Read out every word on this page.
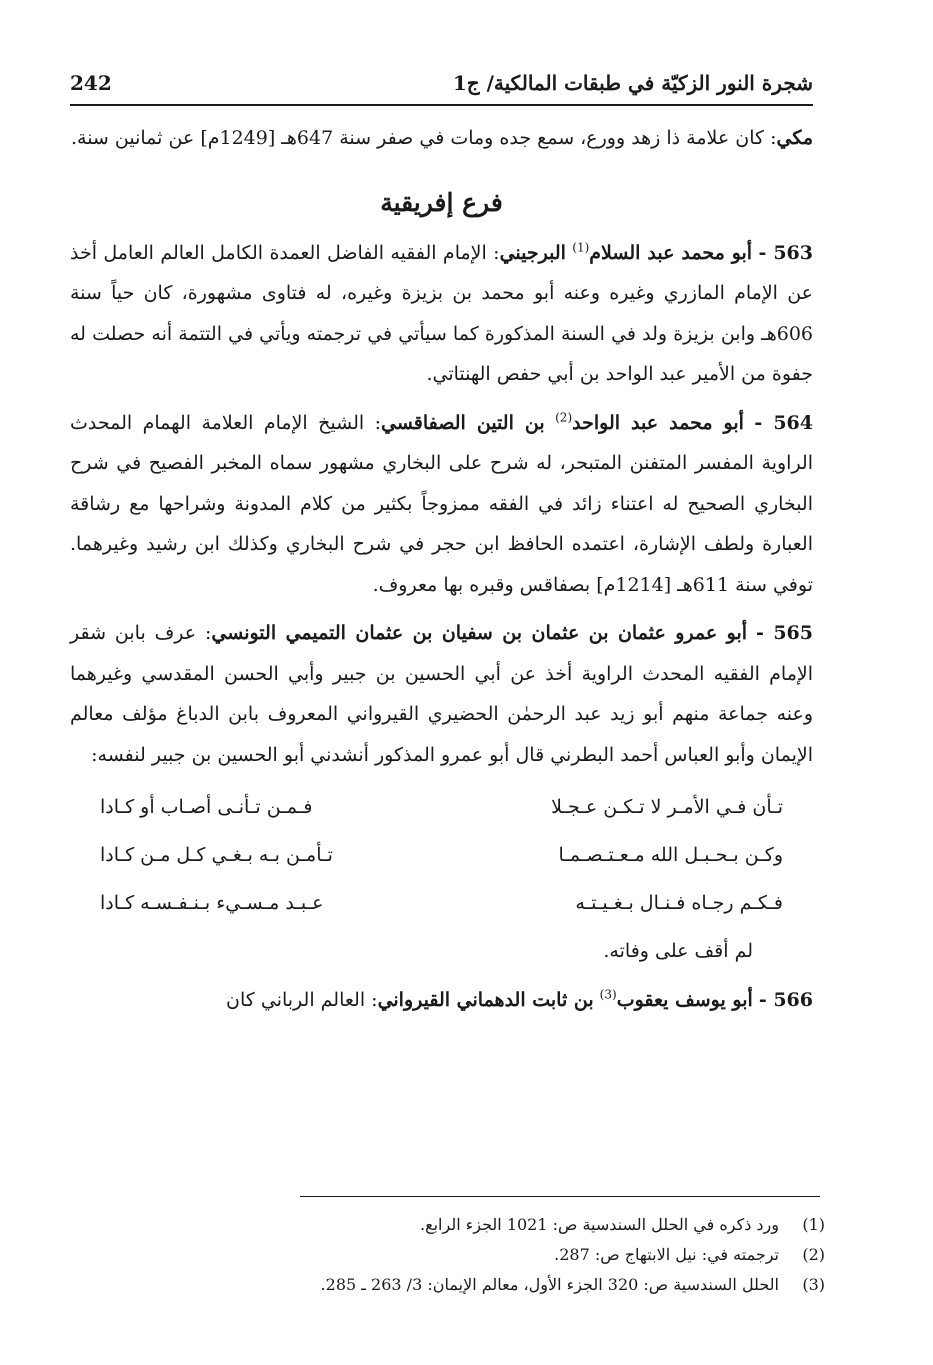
شجرة النور الزكيّة في طبقات المالكية/ ج1
242

مكي: كان علامة ذا زهد وورع، سمع جده ومات في صفر سنة 647هـ [1249م] عن ثمانين سنة.

فرع إفريقية

563 - أبو محمد عبد السلام$^{(1)}$ البرجيني: الإمام الفقيه الفاضل العمدة الكامل العالم العامل أخذ عن الإمام المازري وغيره وعنه أبو محمد بن بزيزة وغيره، له فتاوى مشهورة، كان حياً سنة 606هـ وابن بزيزة ولد في السنة المذكورة كما سيأتي في ترجمته ويأتي في التتمة أنه حصلت له جفوة من الأمير عبد الواحد بن أبي حفص الهنتاتي.

564 - أبو محمد عبد الواحد$^{(2)}$ بن التين الصفاقسي: الشيخ الإمام العلامة الهمام المحدث الراوية المفسر المتفنن المتبحر، له شرح على البخاري مشهور سماه المخبر الفصيح في شرح البخاري الصحيح له اعتناء زائد في الفقه ممزوجاً بكثير من كلام المدونة وشراحها مع رشاقة العبارة ولطف الإشارة، اعتمده الحافظ ابن حجر في شرح البخاري وكذلك ابن رشيد وغيرهما. توفي سنة 611هـ [1214م] بصفاقس وقبره بها معروف.

565 - أبو عمرو عثمان بن عثمان بن سفيان بن عثمان التميمي التونسي: عرف بابن شقر الإمام الفقيه المحدث الراوية أخذ عن أبي الحسين بن جبير وأبي الحسن المقدسي وغيرهما وعنه جماعة منهم أبو زيد عبد الرحمٰن الحضيري القيرواني المعروف بابن الدباغ مؤلف معالم الإيمان وأبو العباس أحمد البطرني قال أبو عمرو المذكور أنشدني أبو الحسين بن جبير لنفسه:

تـأن فـي الأمـر لا تـكـن عـجـلا
فـمـن تـأنـى أصـاب أو كـادا
وكـن بـحـبـل الله مـعـتـصـمـا
تـأمـن بـه بـغـي كـل مـن كـادا
فـكـم رجـاه فـنـال بـغـيـتـه
عـبـد مـسـيء بـنـفـسـه كـادا

لم أقف على وفاته.

566 - أبو يوسف يعقوب$^{(3)}$ بن ثابت الدهماني القيرواني: العالم الرباني كان

(1)
ورد ذكره في الحلل السندسية ص: 1021 الجزء الرابع.
(2)
ترجمته في: نيل الابتهاج ص: 287.
(3)
الحلل السندسية ص: 320 الجزء الأول، معالم الإيمان: 3/ 263 ـ 285.
